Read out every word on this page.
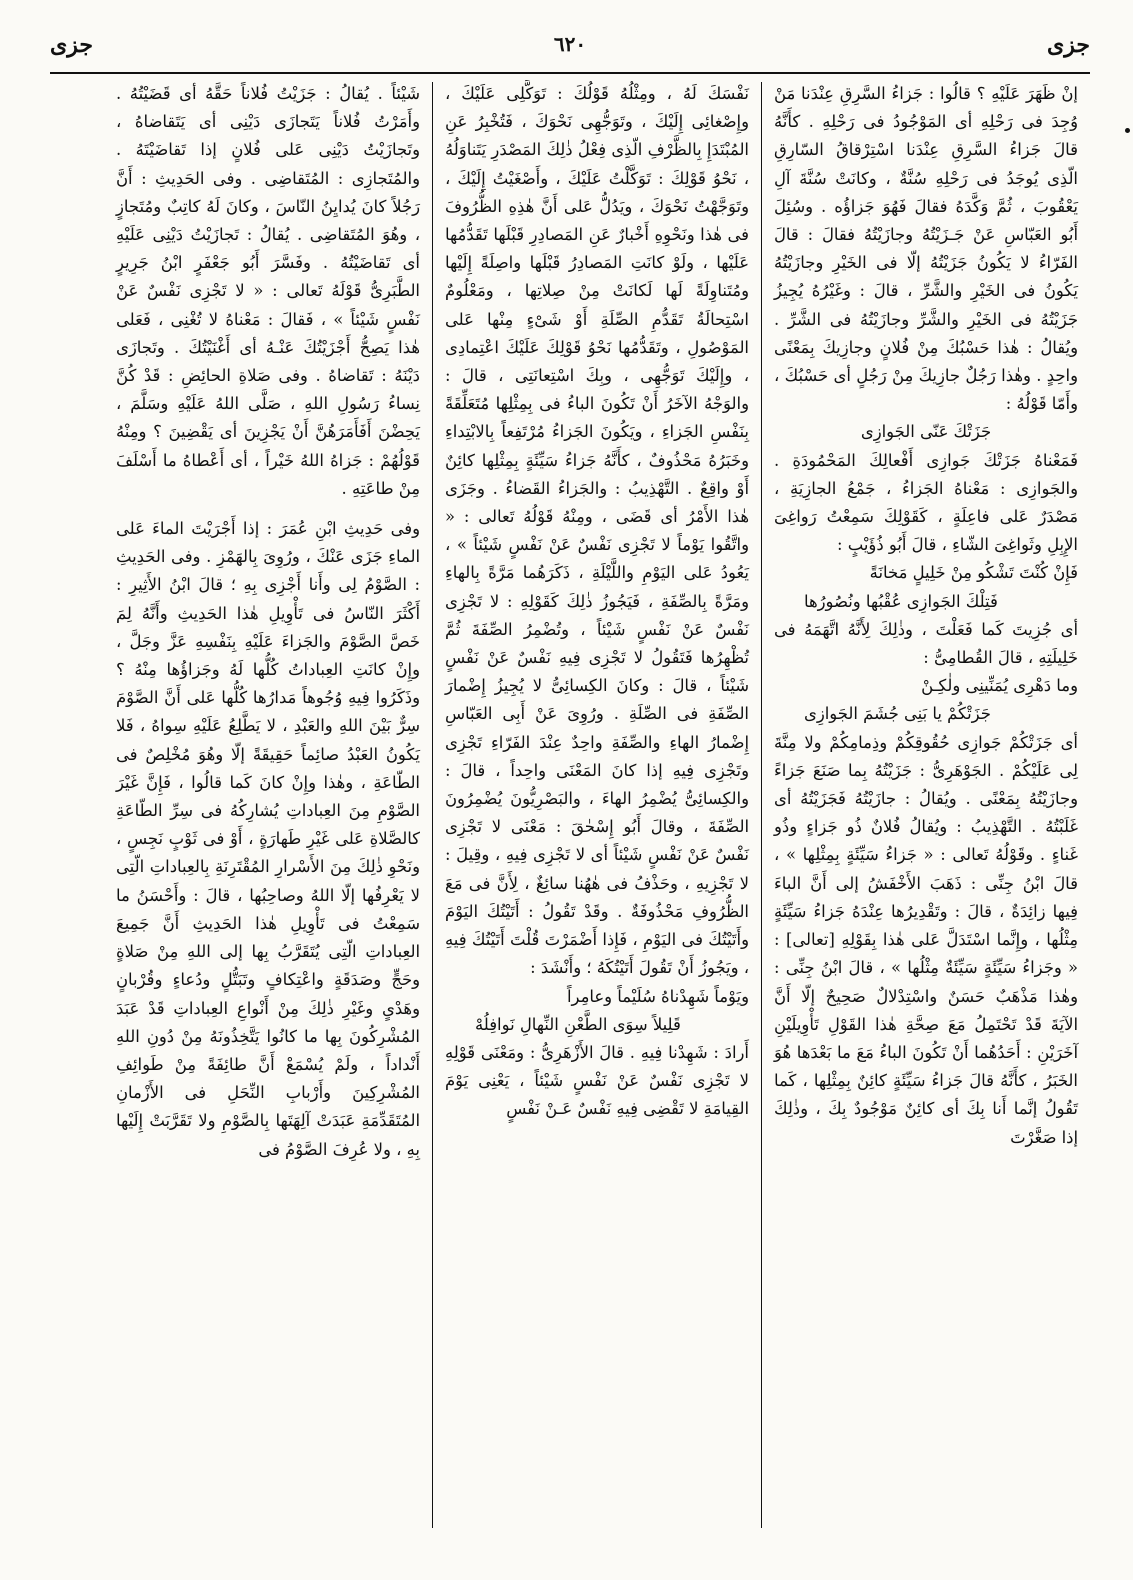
جزى
٦٢٠
جزى

إنْ ظَهَرَ عَلَيْهِ ؟ قالُوا : جَزاءُ السَّرِقِ عِنْدَنا مَنْ وُجِدَ فى رَحْلِهِ أى المَوْجُودُ فى رَحْلِهِ . كأَنَّهُ قالَ جَزاءُ السَّرِقِ عِنْدَنا اسْتِرْقاقُ السّارِقِ الّذِى يُوجَدُ فى رَحْلِهِ سُنَّةٌ ، وكانَتْ سُنَّةَ آلِ يَعْقُوبَ ، ثُمَّ وَكَّدَهُ فقالَ فَهُوَ جَزاؤُه . وسُئِلَ أَبُو العَبّاسِ عَنْ جَـزَيْتُهُ وجازَيْتُهُ فقالَ : قالَ الفَرّاءُ لا يَكُونُ جَزَيْتُهُ إلّا فى الخَيْرِ وجازَيْتُهُ يَكُونُ فى الخَيْرِ والشَّرِّ ، قالَ : وغَيْرُهُ يُجِيزُ جَزَيْتُهُ فى الخَيْرِ والشَّرِّ وجازَيْتُهُ فى الشَّرِّ . ويُقالُ : هٰذا حَسْبُكَ مِنْ فُلانٍ وجازِيكَ بِمَعْنًى واحِدٍ . وهٰذا رَجُلٌ جازِيكَ مِنْ رَجُلٍ أى حَسْبُكَ ، وأَمّا قَوْلُهُ :

جَزَتْكَ عَنّى الجَوازِى

فَمَعْناهُ جَزَتْكَ جَوازِى أَفْعالِكَ المَحْمُودَةِ . والجَوازِى : مَعْناهُ الجَزاءُ ، جَمْعُ الجازِيَةِ ، مَصْدَرٌ عَلى فاعِلَةٍ ، كَقَوْلِكَ سَمِعْتُ رَواغِىَ الإِبِلِ وثَواغِىَ الشّاءِ ، قالَ أَبُو ذُؤَيْبٍ :

فَإِنْ كُنْتَ تَشْكُو مِنْ خَلِيلٍ مَخانَةً

فَتِلْكَ الجَوازِى عُقْبُها ونُصُورُها

أى جُزِيتَ كَما فَعَلْتَ ، وذٰلِكَ لِأَنَّهُ اتَّهَمَهُ فى خَلِيلَتِهِ ، قالَ القُطامِىُّ :

وما دَهْرِى يُمَنِّينِى ولٰكِـنْ

جَزَتْكُمْ يا بَنِى جُشَمَ الجَوازِى

أى جَزَتْكُمْ جَوازِى حُقُوقِكُمْ وذِمامِكُمْ ولا مِنَّةَ لِى عَلَيْكُمْ . الجَوْهَرِىُّ : جَزَيْتُهُ بِما صَنَعَ جَزاءً وجازَيْتُهُ بِمَعْنًى . ويُقالُ : جازَيْتُهُ فَجَزَيْتُهُ أى غَلَبْتُهُ . التَّهْذِيبُ : ويُقالُ فُلانٌ ذُو جَزاءٍ وذُو غَناءٍ . وقَوْلُهُ تَعالى : « جَزاءُ سَيِّئَةٍ بِمِثْلِها » ، قالَ ابْنُ جِنِّى : ذَهَبَ الأَخْفَشُ إلى أَنَّ الباءَ فِيها زائِدَةٌ ، قالَ : وتَقْدِيرُها عِنْدَهُ جَزاءُ سَيِّئَةٍ مِثْلُها ، وإِنَّما اسْتَدَلَّ عَلى هٰذا بِقَوْلِهِ [تعالى] : « وجَزاءُ سَيِّئَةٍ سَيِّئَةٌ مِثْلُها » ، قالَ ابْنُ جِنِّى : وهٰذا مَذْهَبٌ حَسَنٌ واسْتِدْلالٌ صَحِيحٌ إلّا أَنَّ الآيَةَ قَدْ تَحْتَمِلُ مَعَ صِحَّةِ هٰذا القَوْلِ تَأْوِيلَيْنِ آخَرَيْنِ : أَحَدُهُما أَنْ تَكُونَ الباءُ مَعَ ما بَعْدَها هُوَ الخَبَرُ ، كأَنَّهُ قالَ جَزاءُ سَيِّئَةٍ كائِنٌ بِمِثْلِها ، كَما تَقُولُ إنَّما أَنا بِكَ أى كائِنٌ مَوْجُودٌ بِكَ ، وذٰلِكَ إذا صَغَّرْتَ

نَفْسَكَ لَهُ ، ومِثْلُهُ قَوْلُكَ : تَوَكَّلِى عَلَيْكَ ، وإِصْغائِى إِلَيْكَ ، وتَوَجُّهِى نَحْوَكَ ، فَتُخْبِرُ عَنِ المُبْتَدَإِ بِالظَّرْفِ الّذِى فِعْلُ ذٰلِكَ المَصْدَرِ يَتَناوَلُهُ ، نَحْوُ قَوْلِكَ : تَوَكَّلْتُ عَلَيْكَ ، وأَصْغَيْتُ إِلَيْكَ ، وتَوَجَّهْتُ نَحْوَكَ ، ويَدُلُّ عَلى أَنَّ هٰذِهِ الظُّرُوفَ فى هٰذا ونَحْوِهِ أَخْبارٌ عَنِ المَصادِرِ قَبْلَها تَقَدُّمُها عَلَيْها ، ولَوْ كانَتِ المَصادِرُ قَبْلَها واصِلَةً إِلَيْها ومُتَناوِلَةً لَها لَكانَتْ مِنْ صِلاتِها ، ومَعْلُومٌ اسْتِحالَةُ تَقَدُّمِ الصِّلَةِ أَوْ شَىْءٍ مِنْها عَلى المَوْصُولِ ، وتَقَدُّمُها نَحْوُ قَوْلِكَ عَلَيْكَ اعْتِمادِى ، وإِلَيْكَ تَوَجُّهِى ، وبِكَ اسْتِعانَتِى ، قالَ : والوَجْهُ الآخَرُ أَنْ تَكُونَ الباءُ فى بِمِثْلِها مُتَعَلِّقَةً بِنَفْسِ الجَزاءِ ، ويَكُونَ الجَزاءُ مُرْتَفِعاً بِالابْتِداءِ وخَبَرُهُ مَحْذُوفٌ ، كأَنَّهُ جَزاءُ سَيِّئَةٍ بِمِثْلِها كائِنٌ أَوْ واقِعٌ . التَّهْذِيبُ : والجَزاءُ القَضاءُ . وجَزَى هٰذا الأَمْرُ أى قَضَى ، ومِنْهُ قَوْلُهُ تَعالى : « واتَّقُوا يَوْماً لا تَجْزِى نَفْسٌ عَنْ نَفْسٍ شَيْئاً » ، يَعُودُ عَلى اليَوْمِ واللَّيْلَةِ ، ذَكَرَهُما مَرَّةً بِالهاءِ ومَرَّةً بِالصِّفَةِ ، فَيَجُوزُ ذٰلِكَ كَقَوْلِهِ : لا تَجْزِى نَفْسٌ عَنْ نَفْسٍ شَيْئاً ، وتُضْمِرُ الصِّفَةَ ثُمَّ تُظْهِرُها فَتَقُولُ لا تَجْزِى فِيهِ نَفْسٌ عَنْ نَفْسٍ شَيْئاً ، قالَ : وكانَ الكِسائِىُّ لا يُجِيزُ إِضْمارَ الصِّفَةِ فى الصِّلَةِ . ورُوِىَ عَنْ أَبِى العَبّاسِ إِضْمارُ الهاءِ والصِّفَةِ واحِدٌ عِنْدَ الفَرّاءِ تَجْزِى وتَجْزِى فِيهِ إذا كانَ المَعْنَى واحِداً ، قالَ : والكِسائِىُّ يُضْمِرُ الهاءَ ، والبَصْرِيُّونَ يُضْمِرُونَ الصِّفَةَ ، وقالَ أَبُو إِسْحٰقَ : مَعْنَى لا تَجْزِى نَفْسٌ عَنْ نَفْسٍ شَيْئاً أى لا تَجْزِى فِيهِ ، وقِيلَ : لا تَجْزِيهِ ، وحَذْفُ فى هٰهُنا سائِغٌ ، لِأَنَّ فى مَعَ الظُّرُوفِ مَحْذُوفَةٌ . وقَدْ تَقُولُ : أَتَيْتُكَ اليَوْمَ وأَتَيْتُكَ فى اليَوْمِ ، فَإِذا أَضْمَرْتَ قُلْتَ أَتَيْتُكَ فِيهِ ، ويَجُوزُ أَنْ تَقُولَ أَتَيْتُكَهُ ؛ وأَنْشَدَ :

ويَوْماً شَهِدْناهُ سُلَيْماً وعامِراً

قَلِيلاً سِوَى الطَّعْنِ النِّهالِ نَوافِلُهْ

أَرادَ : شَهِدْنا فِيهِ . قالَ الأَزْهَرِىُّ : ومَعْنَى قَوْلِهِ لا تَجْزِى نَفْسٌ عَنْ نَفْسٍ شَيْئاً ، يَعْنِى يَوْمَ القِيامَةِ لا تَقْضِى فِيهِ نَفْسٌ عَـنْ نَفْسٍ

شَيْئاً . يُقالُ : جَزَيْتُ فُلاناً حَقَّهُ أى قَضَيْتُهُ . وأَمَرْتُ فُلاناً يَتَجازَى دَيْنِى أى يَتَقاضاهُ ، وتَجازَيْتُ دَيْنِى عَلى فُلانٍ إذا تَقاضَيْتَهُ . والمُتَجازِى : المُتَقاضِى . وفى الحَدِيثِ : أَنَّ رَجُلاً كانَ يُدايِنُ النّاسَ ، وكانَ لَهُ كاتِبٌ ومُتَجازٍ ، وهُوَ المُتَقاضِى . يُقالُ : تَجازَيْتُ دَيْنِى عَلَيْهِ أى تَقاضَيْتُهُ . وفَسَّرَ أَبُو جَعْفَرٍ ابْنُ جَرِيرٍ الطَّبَرِىُّ قَوْلَهُ تَعالى : « لا تَجْزِى نَفْسٌ عَنْ نَفْسٍ شَيْئاً » ، فَقالَ : مَعْناهُ لا تُغْنِى ، فَعَلى هٰذا يَصِحُّ أَجْزَيْتُكَ عَنْـهُ أى أَغْنَيْتُكَ . وتَجازَى دَيْنَهُ : تَقاضاهُ . وفى صَلاةِ الحائِضِ : قَدْ كُنَّ نِساءُ رَسُولِ اللهِ ، صَلَّى اللهُ عَلَيْهِ وسَلَّمَ ، يَحِضْنَ أَفَأَمَرَهُنَّ أَنْ يَجْزِينَ أى يَقْضِينَ ؟ ومِنْهُ قَوْلُهُمْ : جَزاهُ اللهُ خَيْراً ، أى أَعْطاهُ ما أَسْلَفَ مِنْ طاعَتِهِ .

وفى حَدِيثِ ابْنِ عُمَرَ : إذا أَجْرَيْتَ الماءَ عَلى الماءِ جَزَى عَنْكَ ، ورُوِىَ بِالهَمْزِ . وفى الحَدِيثِ : الصَّوْمُ لِى وأَنا أَجْزِى بِهِ ؛ قالَ ابْنُ الأَثِيرِ : أَكْثَرَ النّاسُ فى تَأْوِيلِ هٰذا الحَدِيثِ وأَنَّهُ لِمَ خَصَّ الصَّوْمَ والجَزاءَ عَلَيْهِ بِنَفْسِهِ عَزَّ وجَلَّ ، وإِنْ كانَتِ العِباداتُ كُلُّها لَهُ وجَزاؤُها مِنْهُ ؟ وذَكَرُوا فِيهِ وُجُوهاً مَدارُها كُلُّها عَلى أَنَّ الصَّوْمَ سِرٌّ بَيْنَ اللهِ والعَبْدِ ، لا يَطَّلِعُ عَلَيْهِ سِواهُ ، فَلا يَكُونُ العَبْدُ صائِماً حَقِيقَةً إلّا وهُوَ مُخْلِصٌ فى الطّاعَةِ ، وهٰذا وإِنْ كانَ كَما قالُوا ، فَإِنَّ غَيْرَ الصَّوْمِ مِنَ العِباداتِ يُشارِكُهُ فى سِرِّ الطّاعَةِ كالصَّلاةِ عَلى غَيْرِ طَهارَةٍ ، أَوْ فى ثَوْبٍ نَجِسٍ ، ونَحْوِ ذٰلِكَ مِنَ الأَسْرارِ المُقْتَرِنَةِ بِالعِباداتِ الّتِى لا يَعْرِفُها إلّا اللهُ وصاحِبُها ، قالَ : وأَحْسَنُ ما سَمِعْتُ فى تَأْوِيلِ هٰذا الحَدِيثِ أَنَّ جَمِيعَ العِباداتِ الّتِى يُتَقَرَّبُ بِها إلى اللهِ مِنْ صَلاةٍ وحَجٍّ وصَدَقَةٍ واعْتِكافٍ وتَبَتُّلٍ ودُعاءٍ وقُرْبانٍ وهَدْىٍ وغَيْرِ ذٰلِكَ مِنْ أَنْواعِ العِباداتِ قَدْ عَبَدَ المُشْرِكُونَ بِها ما كانُوا يَتَّخِذُونَهُ مِنْ دُونِ اللهِ أَنْداداً ، ولَمْ يُسْمَعْ أَنَّ طائِفَةً مِنْ طَوائِفِ المُشْرِكِينَ وأَرْبابِ النِّحَلِ فى الأَزْمانِ المُتَقَدِّمَةِ عَبَدَتْ آلِهَتَها بِالصَّوْمِ ولا تَقَرَّبَتْ إِلَيْها بِهِ ، ولا عُرِفَ الصَّوْمُ فى
